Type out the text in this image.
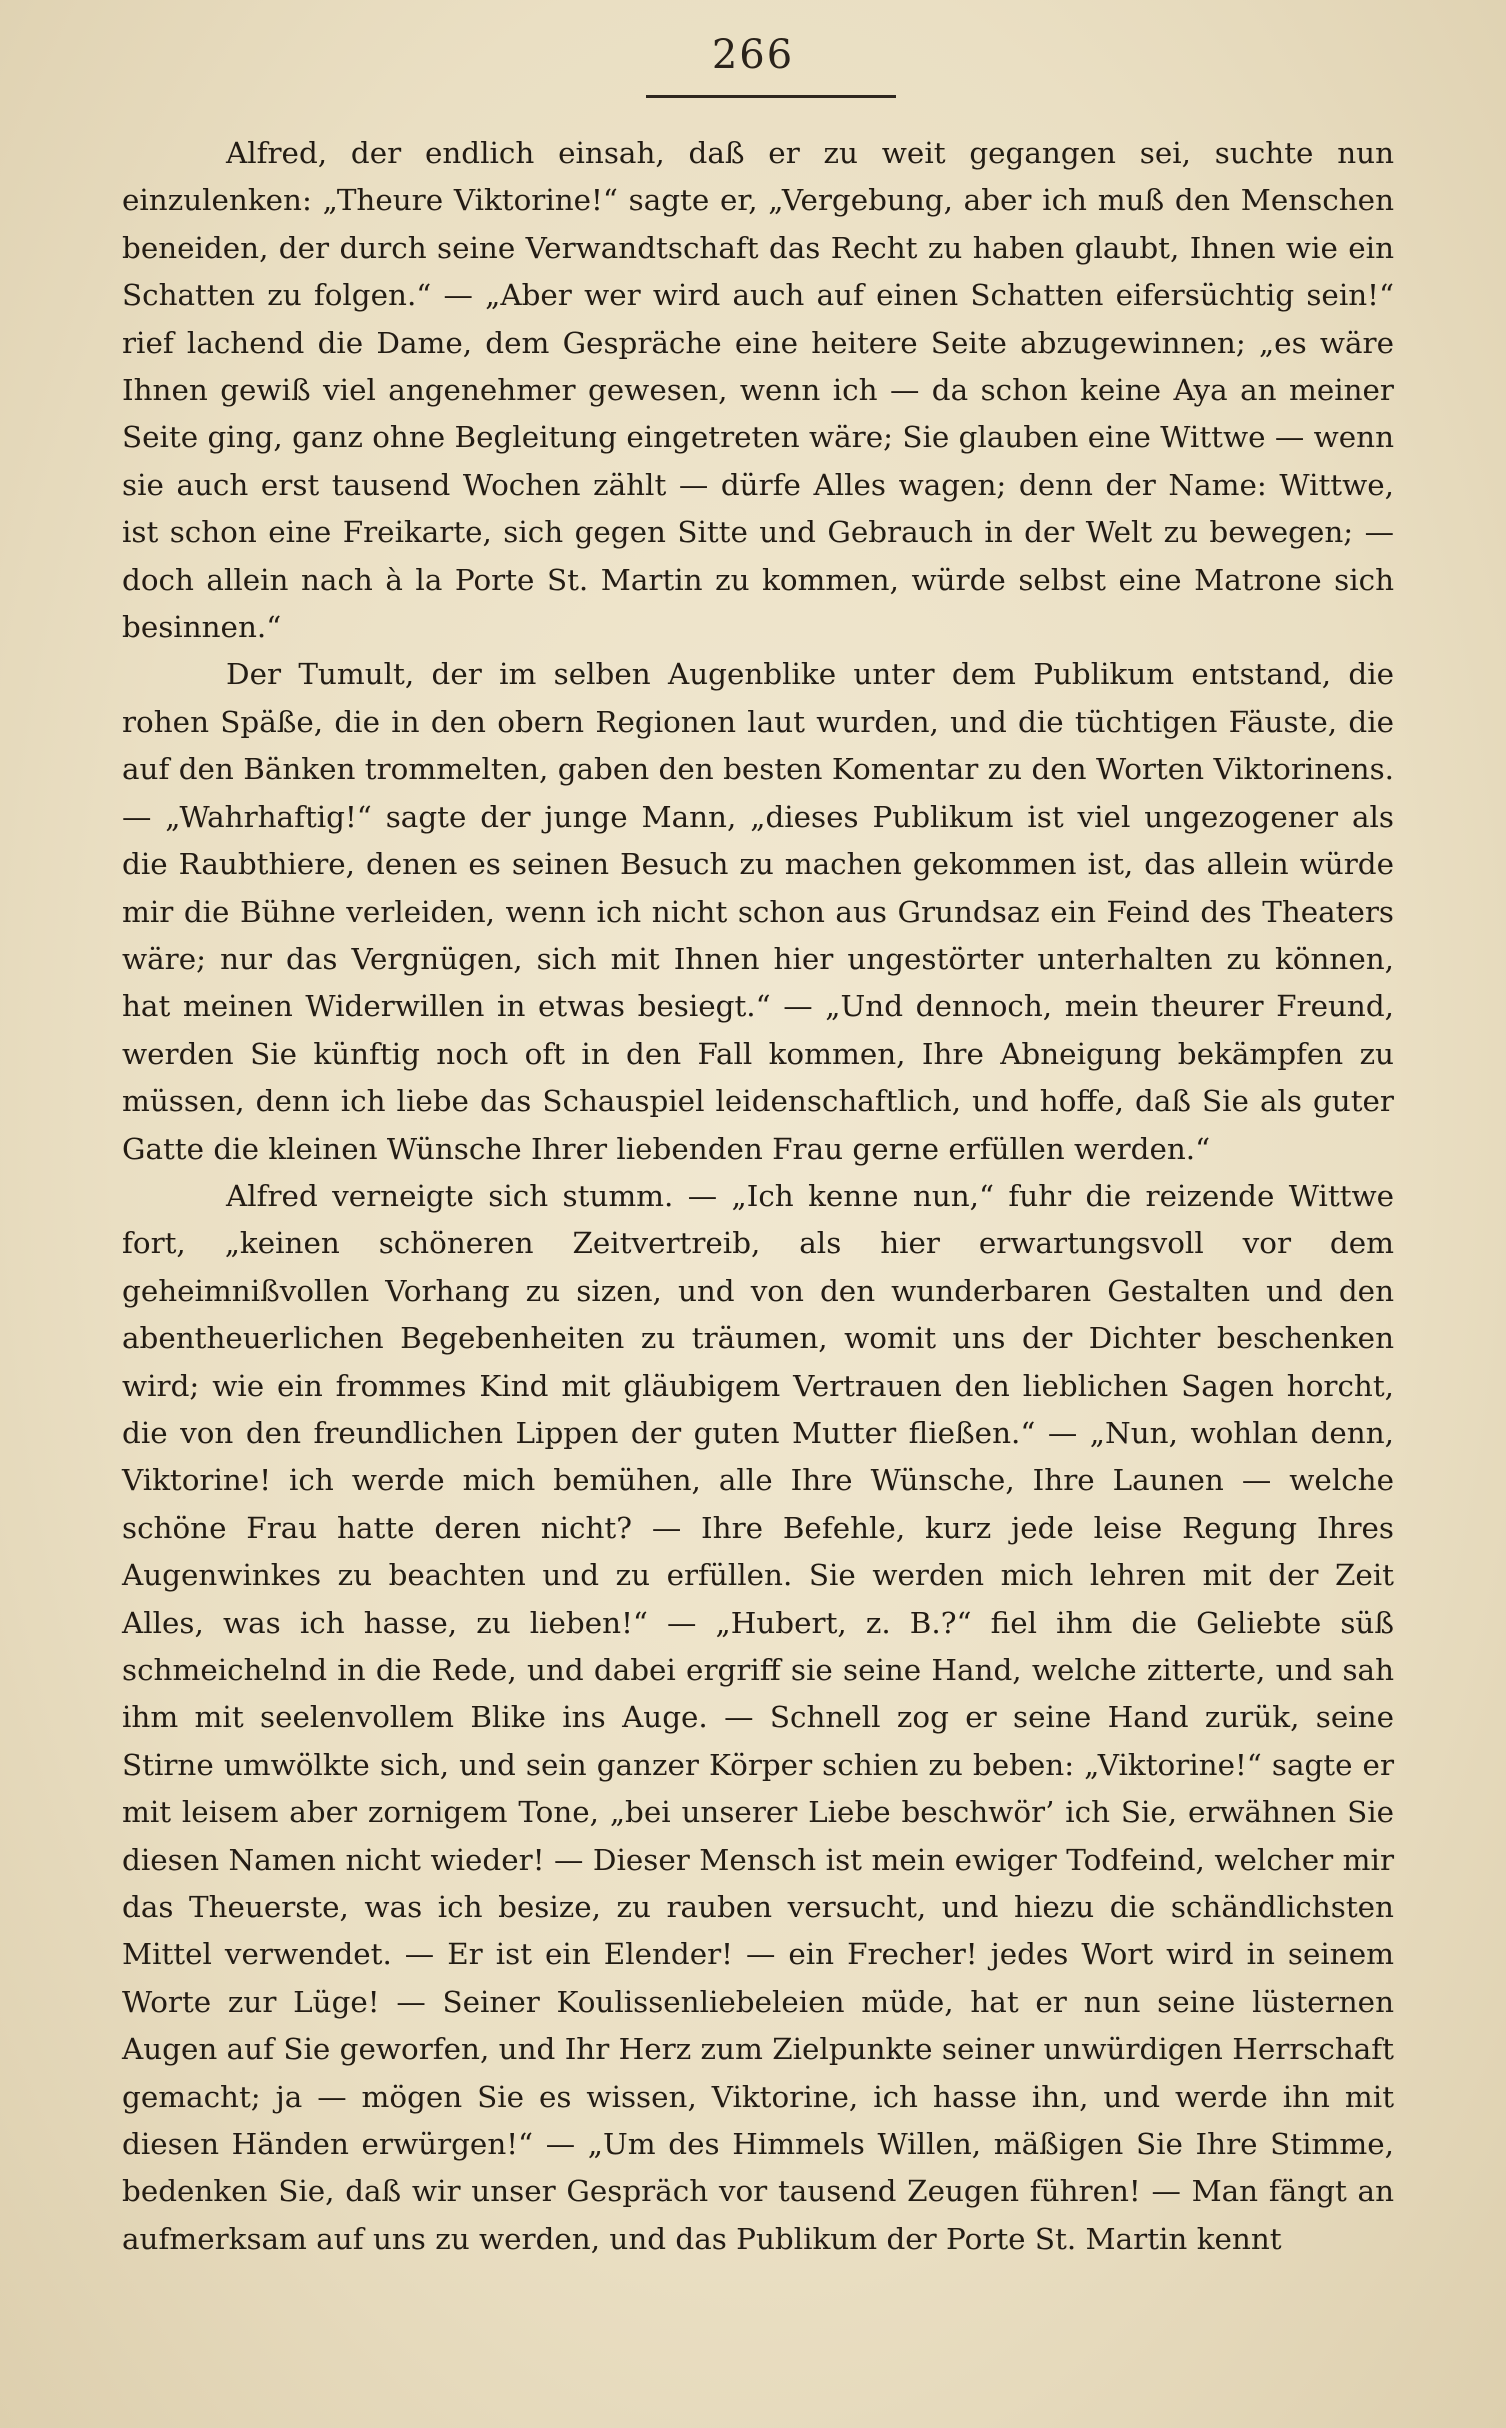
266

Alfred, der endlich einsah, daß er zu weit gegangen sei, suchte nun einzulenken: „Theure Viktorine!“ sagte er, „Vergebung, aber ich muß den Menschen beneiden, der durch seine Verwandtschaft das Recht zu haben glaubt, Ihnen wie ein Schatten zu folgen.“ — „Aber wer wird auch auf einen Schatten eifersüchtig sein!“ rief lachend die Dame, dem Gespräche eine heitere Seite abzugewinnen; „es wäre Ihnen gewiß viel angenehmer gewesen, wenn ich — da schon keine Aya an meiner Seite ging, ganz ohne Begleitung eingetreten wäre; Sie glauben eine Wittwe — wenn sie auch erst tausend Wochen zählt — dürfe Alles wagen; denn der Name: Wittwe, ist schon eine Freikarte, sich gegen Sitte und Gebrauch in der Welt zu bewegen; — doch allein nach à la Porte St. Martin zu kommen, würde selbst eine Matrone sich besinnen.“

Der Tumult, der im selben Augenblike unter dem Publikum entstand, die rohen Späße, die in den obern Regionen laut wurden, und die tüchtigen Fäuste, die auf den Bänken trommelten, gaben den besten Komentar zu den Worten Viktorinens. — „Wahrhaftig!“ sagte der junge Mann, „dieses Publikum ist viel ungezogener als die Raubthiere, denen es seinen Besuch zu machen gekommen ist, das allein würde mir die Bühne verleiden, wenn ich nicht schon aus Grundsaz ein Feind des Theaters wäre; nur das Vergnügen, sich mit Ihnen hier ungestörter unterhalten zu können, hat meinen Widerwillen in etwas besiegt.“ — „Und dennoch, mein theurer Freund, werden Sie künftig noch oft in den Fall kommen, Ihre Abneigung bekämpfen zu müssen, denn ich liebe das Schauspiel leidenschaftlich, und hoffe, daß Sie als guter Gatte die kleinen Wünsche Ihrer liebenden Frau gerne erfüllen werden.“

Alfred verneigte sich stumm. — „Ich kenne nun,“ fuhr die reizende Wittwe fort, „keinen schöneren Zeitvertreib, als hier erwartungsvoll vor dem geheimnißvollen Vorhang zu sizen, und von den wunderbaren Gestalten und den abentheuerlichen Begebenheiten zu träumen, womit uns der Dichter beschenken wird; wie ein frommes Kind mit gläubigem Vertrauen den lieblichen Sagen horcht, die von den freundlichen Lippen der guten Mutter fließen.“ — „Nun, wohlan denn, Viktorine! ich werde mich bemühen, alle Ihre Wünsche, Ihre Launen — welche schöne Frau hatte deren nicht? — Ihre Befehle, kurz jede leise Regung Ihres Augenwinkes zu beachten und zu erfüllen. Sie werden mich lehren mit der Zeit Alles, was ich hasse, zu lieben!“ — „Hubert, z. B.?“ fiel ihm die Geliebte süß schmeichelnd in die Rede, und dabei ergriff sie seine Hand, welche zitterte, und sah ihm mit seelenvollem Blike ins Auge. — Schnell zog er seine Hand zurük, seine Stirne umwölkte sich, und sein ganzer Körper schien zu beben: „Viktorine!“ sagte er mit leisem aber zornigem Tone, „bei unserer Liebe beschwör’ ich Sie, erwähnen Sie diesen Namen nicht wieder! — Dieser Mensch ist mein ewiger Todfeind, welcher mir das Theuerste, was ich besize, zu rauben versucht, und hiezu die schändlichsten Mittel verwendet. — Er ist ein Elender! — ein Frecher! jedes Wort wird in seinem Worte zur Lüge! — Seiner Koulissenliebeleien müde, hat er nun seine lüsternen Augen auf Sie geworfen, und Ihr Herz zum Zielpunkte seiner unwürdigen Herrschaft gemacht; ja — mögen Sie es wissen, Viktorine, ich hasse ihn, und werde ihn mit diesen Händen erwürgen!“ — „Um des Himmels Willen, mäßigen Sie Ihre Stimme, bedenken Sie, daß wir unser Gespräch vor tausend Zeugen führen! — Man fängt an aufmerksam auf uns zu werden, und das Publikum der Porte St. Martin kennt
